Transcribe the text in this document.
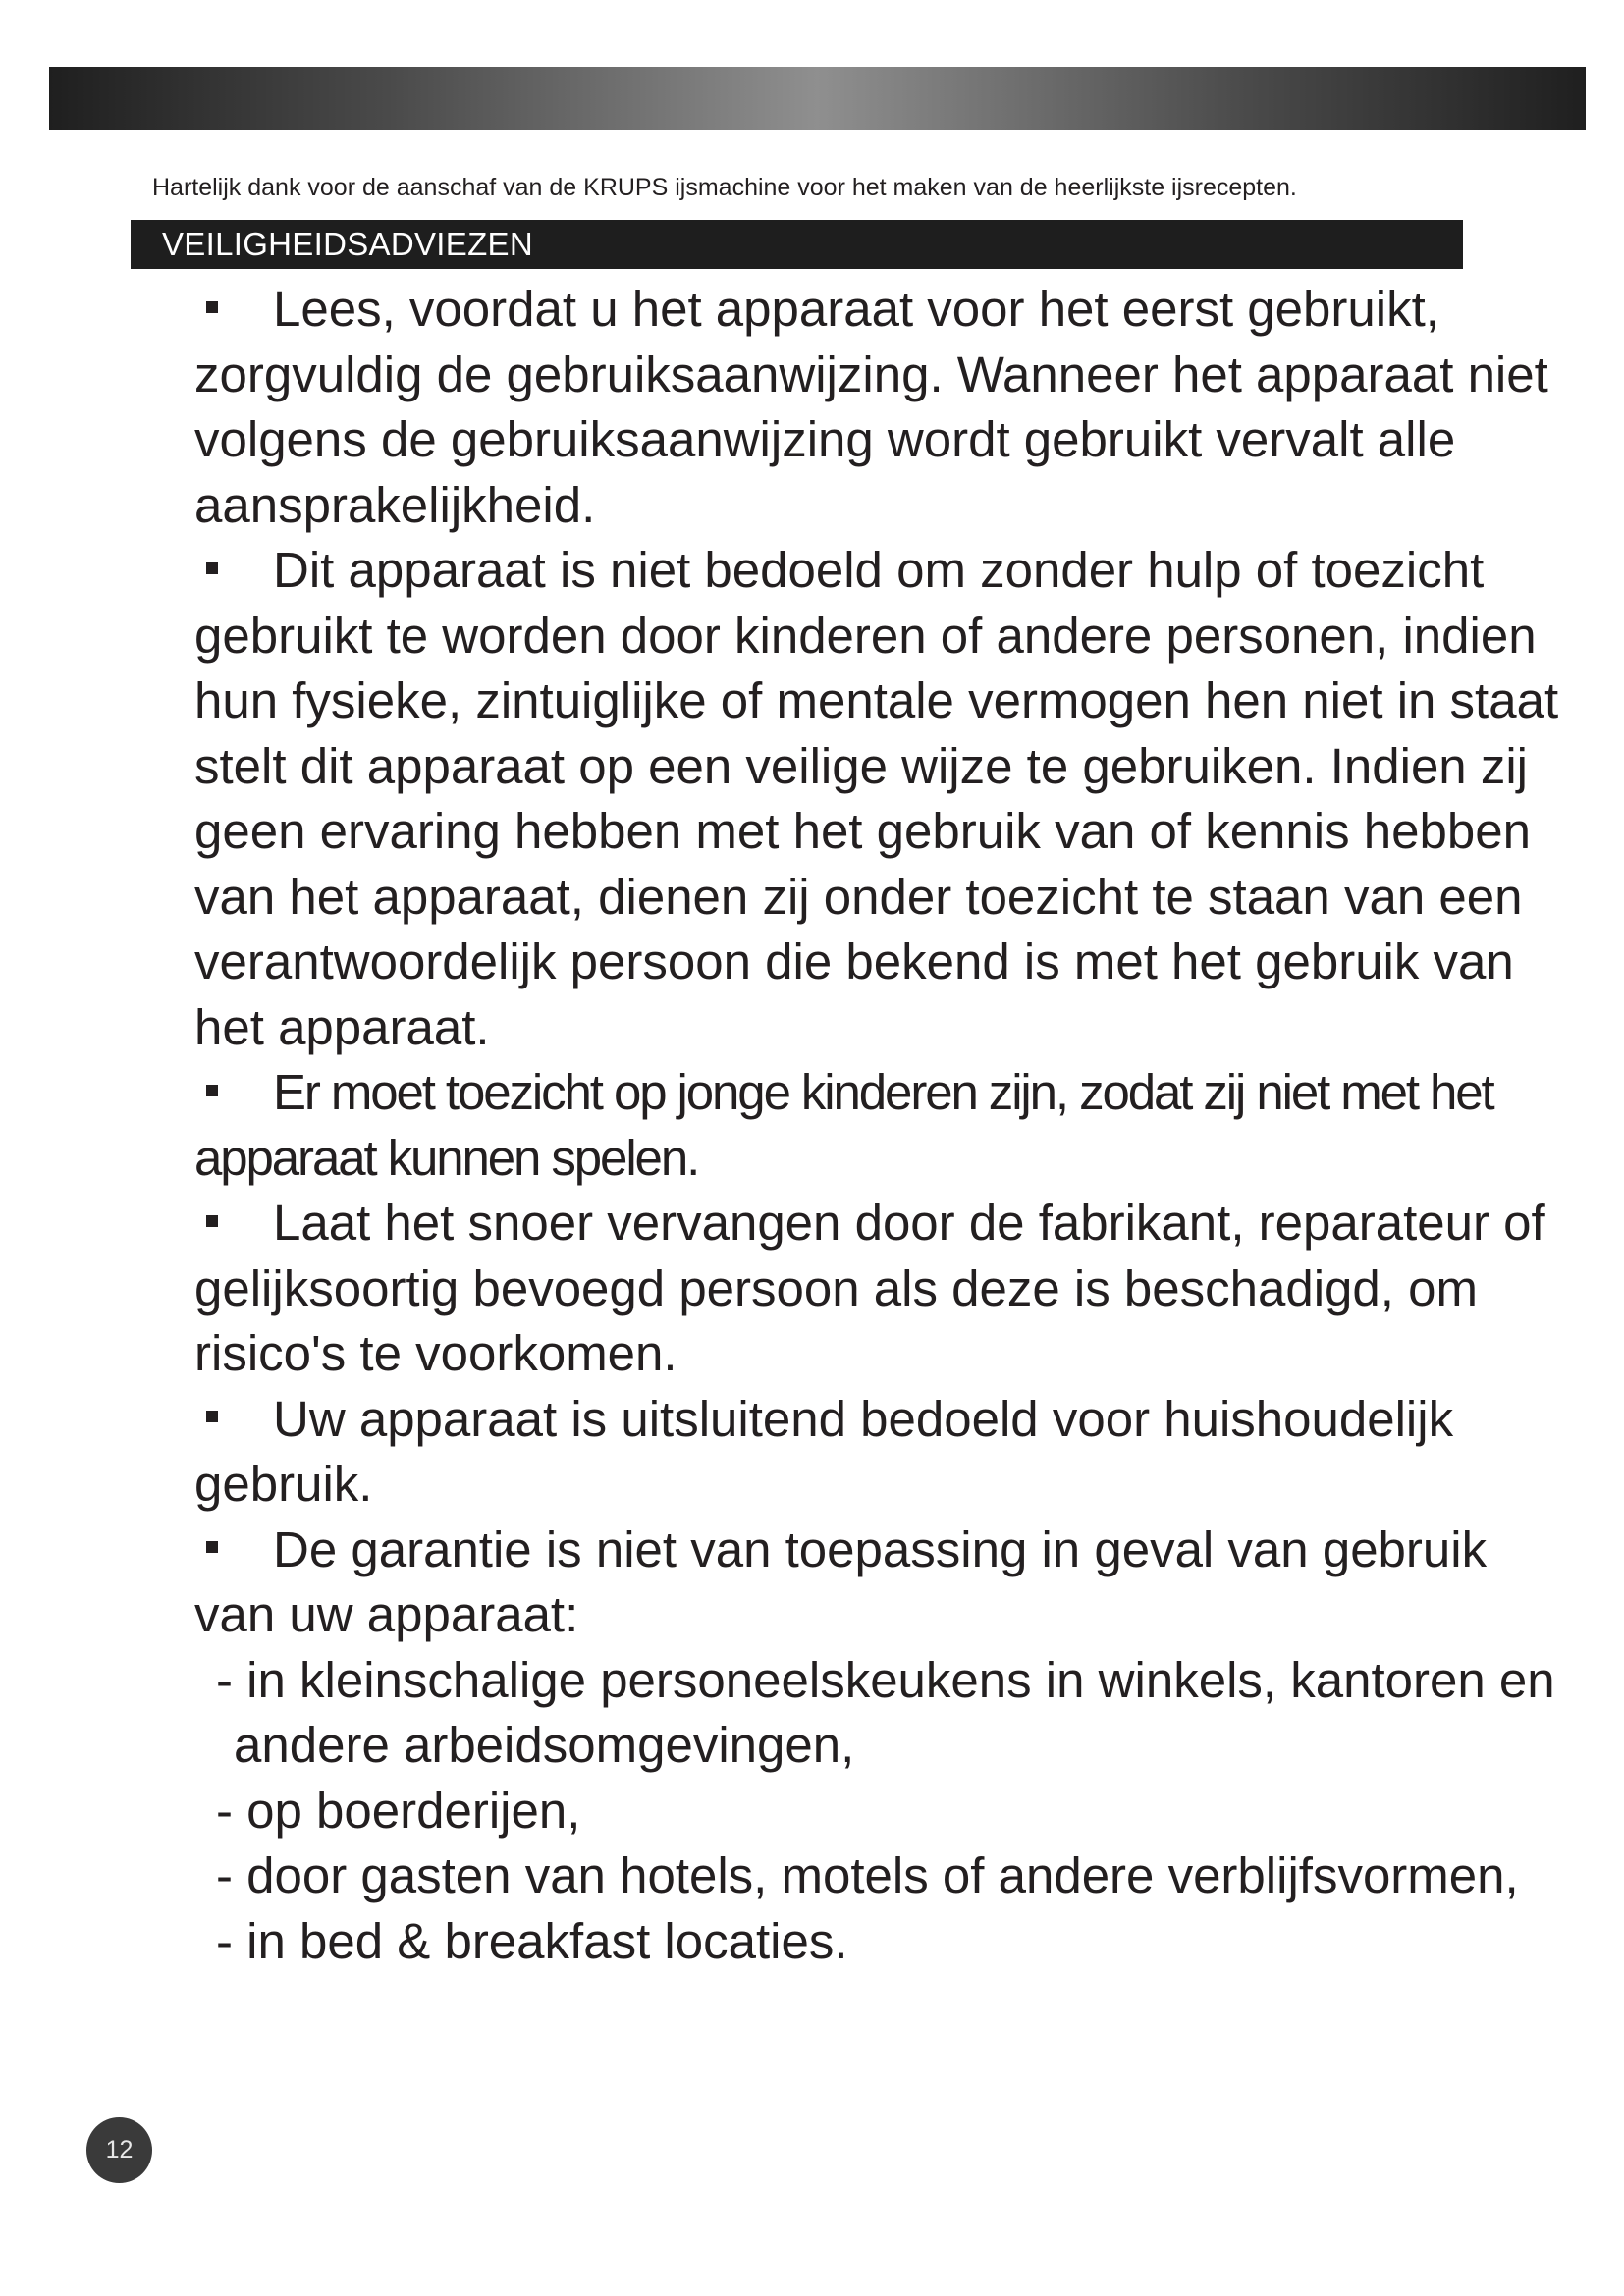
Hartelijk dank voor de aanschaf van de KRUPS ijsmachine voor het maken van de heerlijkste ijsrecepten.
VEILIGHEIDSADVIEZEN

Lees, voordat u het apparaat voor het eerst gebruikt, zorgvuldig de gebruiksaanwijzing. Wanneer het apparaat niet volgens de gebruiksaanwijzing wordt gebruikt vervalt alle aansprakelijkheid.

Dit apparaat is niet bedoeld om zonder hulp of toezicht gebruikt te worden door kinderen of andere personen, indien hun fysieke, zintuiglijke of mentale vermogen hen niet in staat stelt dit apparaat op een veilige wijze te gebruiken. Indien zij geen ervaring hebben met het gebruik van of kennis hebben van het apparaat, dienen zij onder toezicht te staan van een verantwoordelijk persoon die bekend is met het gebruik van het apparaat.

Er moet toezicht op jonge kinderen zijn, zodat zij niet met het apparaat kunnen spelen.

Laat het snoer vervangen door de fabrikant, reparateur of gelijksoortig bevoegd persoon als deze is beschadigd, om risico's te voorkomen.

Uw apparaat is uitsluitend bedoeld voor huishoudelijk gebruik.

De garantie is niet van toepassing in geval van gebruik van uw apparaat:

- in kleinschalige personeelskeukens in winkels, kantoren en andere arbeidsomgevingen,

- op boerderijen,

- door gasten van hotels, motels of andere verblijfsvormen,

- in bed & breakfast locaties.

12
